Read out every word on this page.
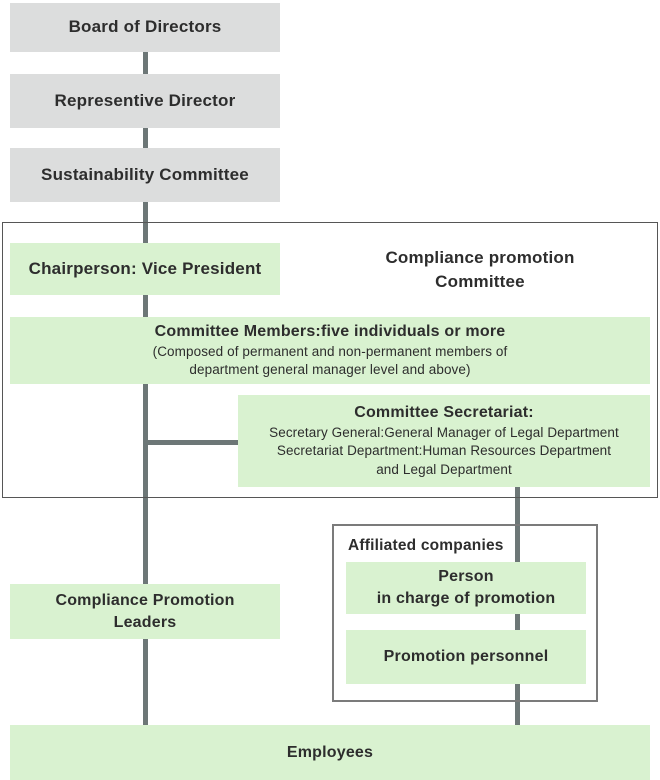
Board of Directors
Representive Director
Sustainability Committee
Compliance promotion
Committee
Chairperson: Vice President
Committee Members:five individuals or more
(Composed of permanent and non-permanent members of
department general manager level and above)
Committee Secretariat:
Secretary General:General Manager of Legal Department
Secretariat Department:Human Resources Department
and Legal Department
Affiliated companies
Person
in charge of promotion
Promotion personnel
Compliance Promotion
Leaders
Employees
